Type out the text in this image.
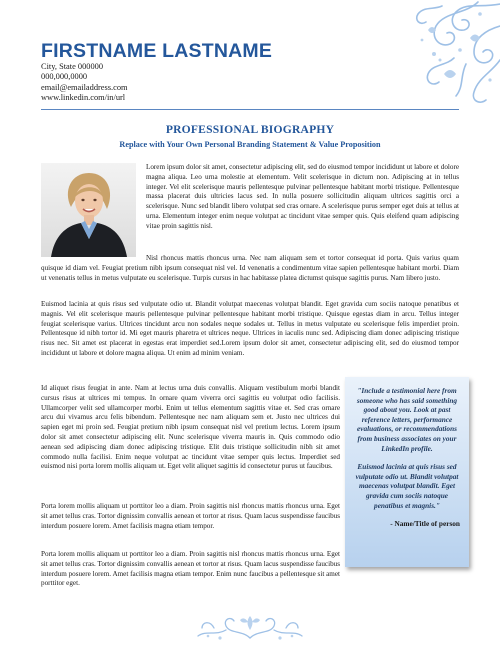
FIRSTNAME LASTNAME
City, State 000000
000,000,0000
email@emailaddress.com
www.linkedin.com/in/url
PROFESSIONAL BIOGRAPHY
Replace with Your Own Personal Branding Statement & Value Proposition
Lorem ipsum dolor sit amet, consectetur adipiscing elit, sed do eiusmod tempor incididunt ut labore et dolore magna aliqua. Leo urna molestie at elementum. Velit scelerisque in dictum non. Adipiscing at in tellus integer. Vel elit scelerisque mauris pellentesque pulvinar pellentesque habitant morbi tristique. Pellentesque massa placerat duis ultricies lacus sed. In nulla posuere sollicitudin aliquam ultrices sagittis orci a scelerisque. Nunc sed blandit libero volutpat sed cras ornare. A scelerisque purus semper eget duis at tellus at urna. Elementum integer enim neque volutpat ac tincidunt vitae semper quis. Quis eleifend quam adipiscing vitae proin sagittis nisl.
Nisl rhoncus mattis rhoncus urna. Nec nam aliquam sem et tortor consequat id porta. Quis varius quam quisque id diam vel. Feugiat pretium nibh ipsum consequat nisl vel. Id venenatis a condimentum vitae sapien pellentesque habitant morbi. Diam ut venenatis tellus in metus vulputate eu scelerisque. Turpis cursus in hac habitasse platea dictumst quisque sagittis purus. Nam libero justo.
Euismod lacinia at quis risus sed vulputate odio ut. Blandit volutpat maecenas volutpat blandit. Eget gravida cum sociis natoque penatibus et magnis. Vel elit scelerisque mauris pellentesque pulvinar pellentesque habitant morbi tristique. Quisque egestas diam in arcu. Tellus integer feugiat scelerisque varius. Ultrices tincidunt arcu non sodales neque sodales ut. Tellus in metus vulputate eu scelerisque felis imperdiet proin. Pellentesque id nibh tortor id. Mi eget mauris pharetra et ultrices neque. Ultrices in iaculis nunc sed. Adipiscing diam donec adipiscing tristique risus nec. Sit amet est placerat in egestas erat imperdiet sed.Lorem ipsum dolor sit amet, consectetur adipiscing elit, sed do eiusmod tempor incididunt ut labore et dolore magna aliqua. Ut enim ad minim veniam.
Id aliquet risus feugiat in ante. Nam at lectus urna duis convallis. Aliquam vestibulum morbi blandit cursus risus at ultrices mi tempus. In ornare quam viverra orci sagittis eu volutpat odio facilisis. Ullamcorper velit sed ullamcorper morbi. Enim ut tellus elementum sagittis vitae et. Sed cras ornare arcu dui vivamus arcu felis bibendum. Pellentesque nec nam aliquam sem et. Justo nec ultrices dui sapien eget mi proin sed. Feugiat pretium nibh ipsum consequat nisl vel pretium lectus. Lorem ipsum dolor sit amet consectetur adipiscing elit. Nunc scelerisque viverra mauris in. Quis commodo odio aenean sed adipiscing diam donec adipiscing tristique. Elit duis tristique sollicitudin nibh sit amet commodo nulla facilisi. Enim neque volutpat ac tincidunt vitae semper quis lectus. Imperdiet sed euismod nisi porta lorem mollis aliquam ut. Eget velit aliquet sagittis id consectetur purus ut faucibus.
Porta lorem mollis aliquam ut porttitor leo a diam. Proin sagittis nisl rhoncus mattis rhoncus urna. Eget sit amet tellus cras. Tortor dignissim convallis aenean et tortor at risus. Quam lacus suspendisse faucibus interdum posuere lorem. Amet facilisis magna etiam tempor.
Porta lorem mollis aliquam ut porttitor leo a diam. Proin sagittis nisl rhoncus mattis rhoncus urna. Eget sit amet tellus cras. Tortor dignissim convallis aenean et tortor at risus. Quam lacus suspendisse faucibus interdum posuere lorem. Amet facilisis magna etiam tempor. Enim nunc faucibus a pellentesque sit amet porttitor eget.
"Include a testimonial here from someone who has said something good about you. Look at past reference letters, performance evaluations, or recommendations from business associates on your LinkedIn profile.
Euismod lacinia at quis risus sed vulputate odio ut. Blandit volutpat maecenas volutpat blandit. Eget gravida cum sociis natoque penatibus et magnis."
- Name/Title of person
